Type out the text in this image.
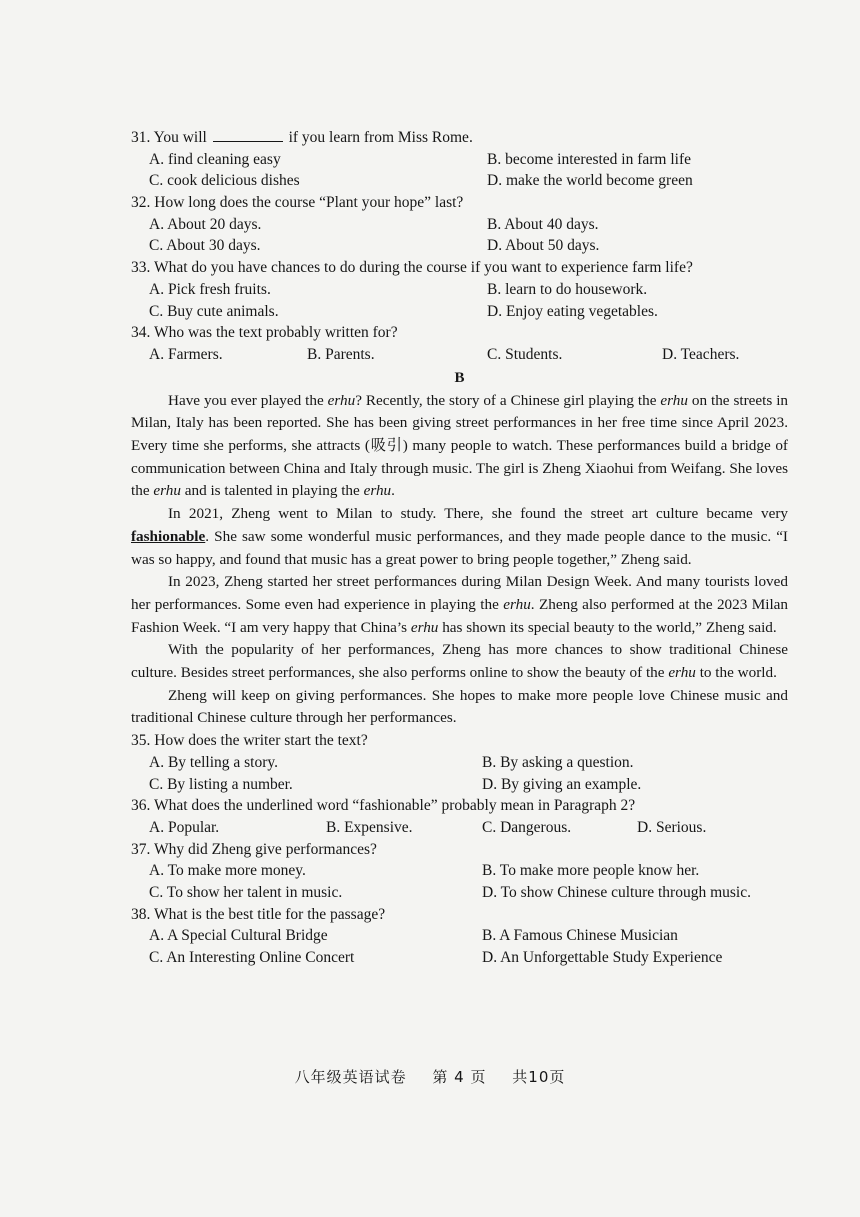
31. You will	if you learn from Miss Rome.
A. find cleaning easy	B. become interested in farm life
C. cook delicious dishes	D. make the world become green
32. How long does the course “Plant your hope” last?
A. About 20 days.	B. About 40 days.
C. About 30 days.	D. About 50 days.
33. What do you have chances to do during the course if you want to experience farm life?
A. Pick fresh fruits.	B. learn to do housework.
C. Buy cute animals.	D. Enjoy eating vegetables.
34. Who was the text probably written for?
A. Farmers.	B. Parents.	C. Students.	D. Teachers.
B

Have you ever played the erhu? Recently, the story of a Chinese girl playing the erhu on the streets in Milan, Italy has been reported. She has been giving street performances in her free time since April 2023. Every time she performs, she attracts (吸引) many people to watch. These performances build a bridge of communication between China and Italy through music. The girl is Zheng Xiaohui from Weifang. She loves the erhu and is talented in playing the erhu.

In 2021, Zheng went to Milan to study. There, she found the street art culture became very fashionable. She saw some wonderful music performances, and they made people dance to the music. “I was so happy, and found that music has a great power to bring people together,” Zheng said.

In 2023, Zheng started her street performances during Milan Design Week. And many tourists loved her performances. Some even had experience in playing the erhu. Zheng also performed at the 2023 Milan Fashion Week. “I am very happy that China’s erhu has shown its special beauty to the world,” Zheng said.

With the popularity of her performances, Zheng has more chances to show traditional Chinese culture. Besides street performances, she also performs online to show the beauty of the erhu to the world.

Zheng will keep on giving performances. She hopes to make more people love Chinese music and traditional Chinese culture through her performances.

35. How does the writer start the text?
A. By telling a story.	B. By asking a question.
C. By listing a number.	D. By giving an example.
36. What does the underlined word “fashionable” probably mean in Paragraph 2?
A. Popular.	B. Expensive.	C. Dangerous.	D. Serious.
37. Why did Zheng give performances?
A. To make more money.	B. To make more people know her.
C. To show her talent in music.	D. To show Chinese culture through music.
38. What is the best title for the passage?
A. A Special Cultural Bridge	B. A Famous Chinese Musician
C. An Interesting Online Concert	D. An Unforgettable Study Experience
八年级英语试卷 第 4 页 共10页
